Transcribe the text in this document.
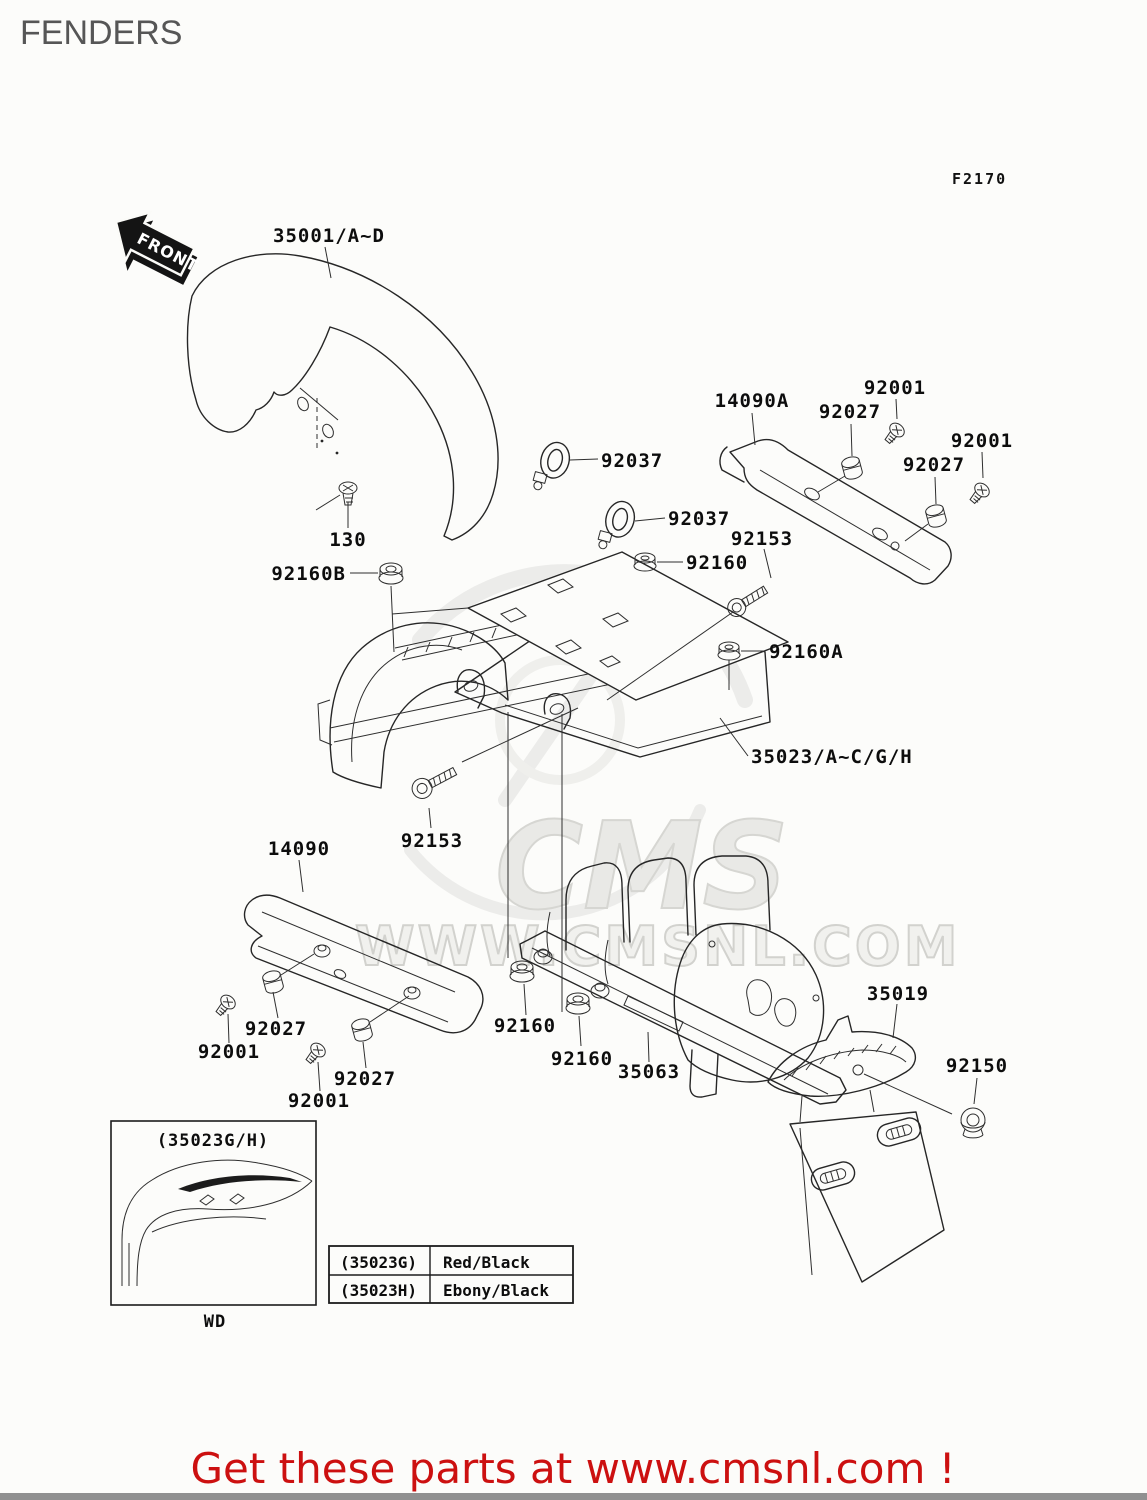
CMS
WWW.CMSNL.COM
FRONT	35001/A~D
130
92160B
92037
92037
92160
14090A 92027
92001
92001
92027
92153
92160A
35023/A~C/G/H
92153
14090
92027
92001
92027
92001
92160
92160
35063
35019
92150
(35023G/H)
WD
(35023G) Red/Black
(35023H) Ebony/Black
FENDERS
F2170
Get these parts at www.cmsnl.com !
